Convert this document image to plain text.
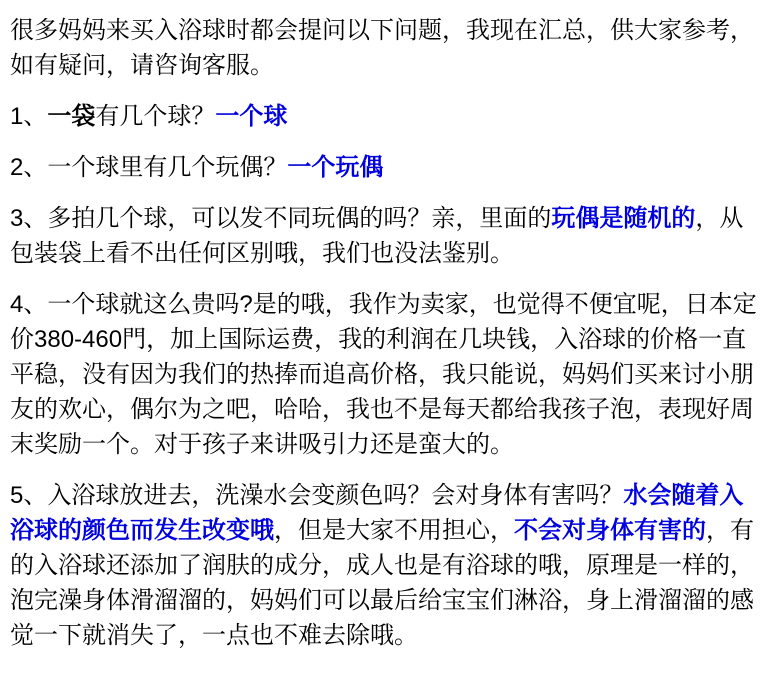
很多妈妈来买入浴球时都会提问以下问题，我现在汇总，供大家参考，如有疑问，请咨询客服。

1、一袋有几个球？一个球

2、一个球里有几个玩偶？一个玩偶

3、多拍几个球，可以发不同玩偶的吗？亲，里面的玩偶是随机的，从包装袋上看不出任何区别哦，我们也没法鉴别。

4、一个球就这么贵吗?是的哦，我作为卖家，也觉得不便宜呢，日本定价380-460門，加上国际运费，我的利润在几块钱，入浴球的价格一直平稳，没有因为我们的热捧而追高价格，我只能说，妈妈们买来讨小朋友的欢心，偶尔为之吧，哈哈，我也不是每天都给我孩子泡，表现好周末奖励一个。对于孩子来讲吸引力还是蛮大的。

5、入浴球放进去，洗澡水会变颜色吗？会对身体有害吗？水会随着入浴球的颜色而发生改变哦，但是大家不用担心，不会对身体有害的，有的入浴球还添加了润肤的成分，成人也是有浴球的哦，原理是一样的，泡完澡身体滑溜溜的，妈妈们可以最后给宝宝们淋浴，身上滑溜溜的感觉一下就消失了，一点也不难去除哦。
